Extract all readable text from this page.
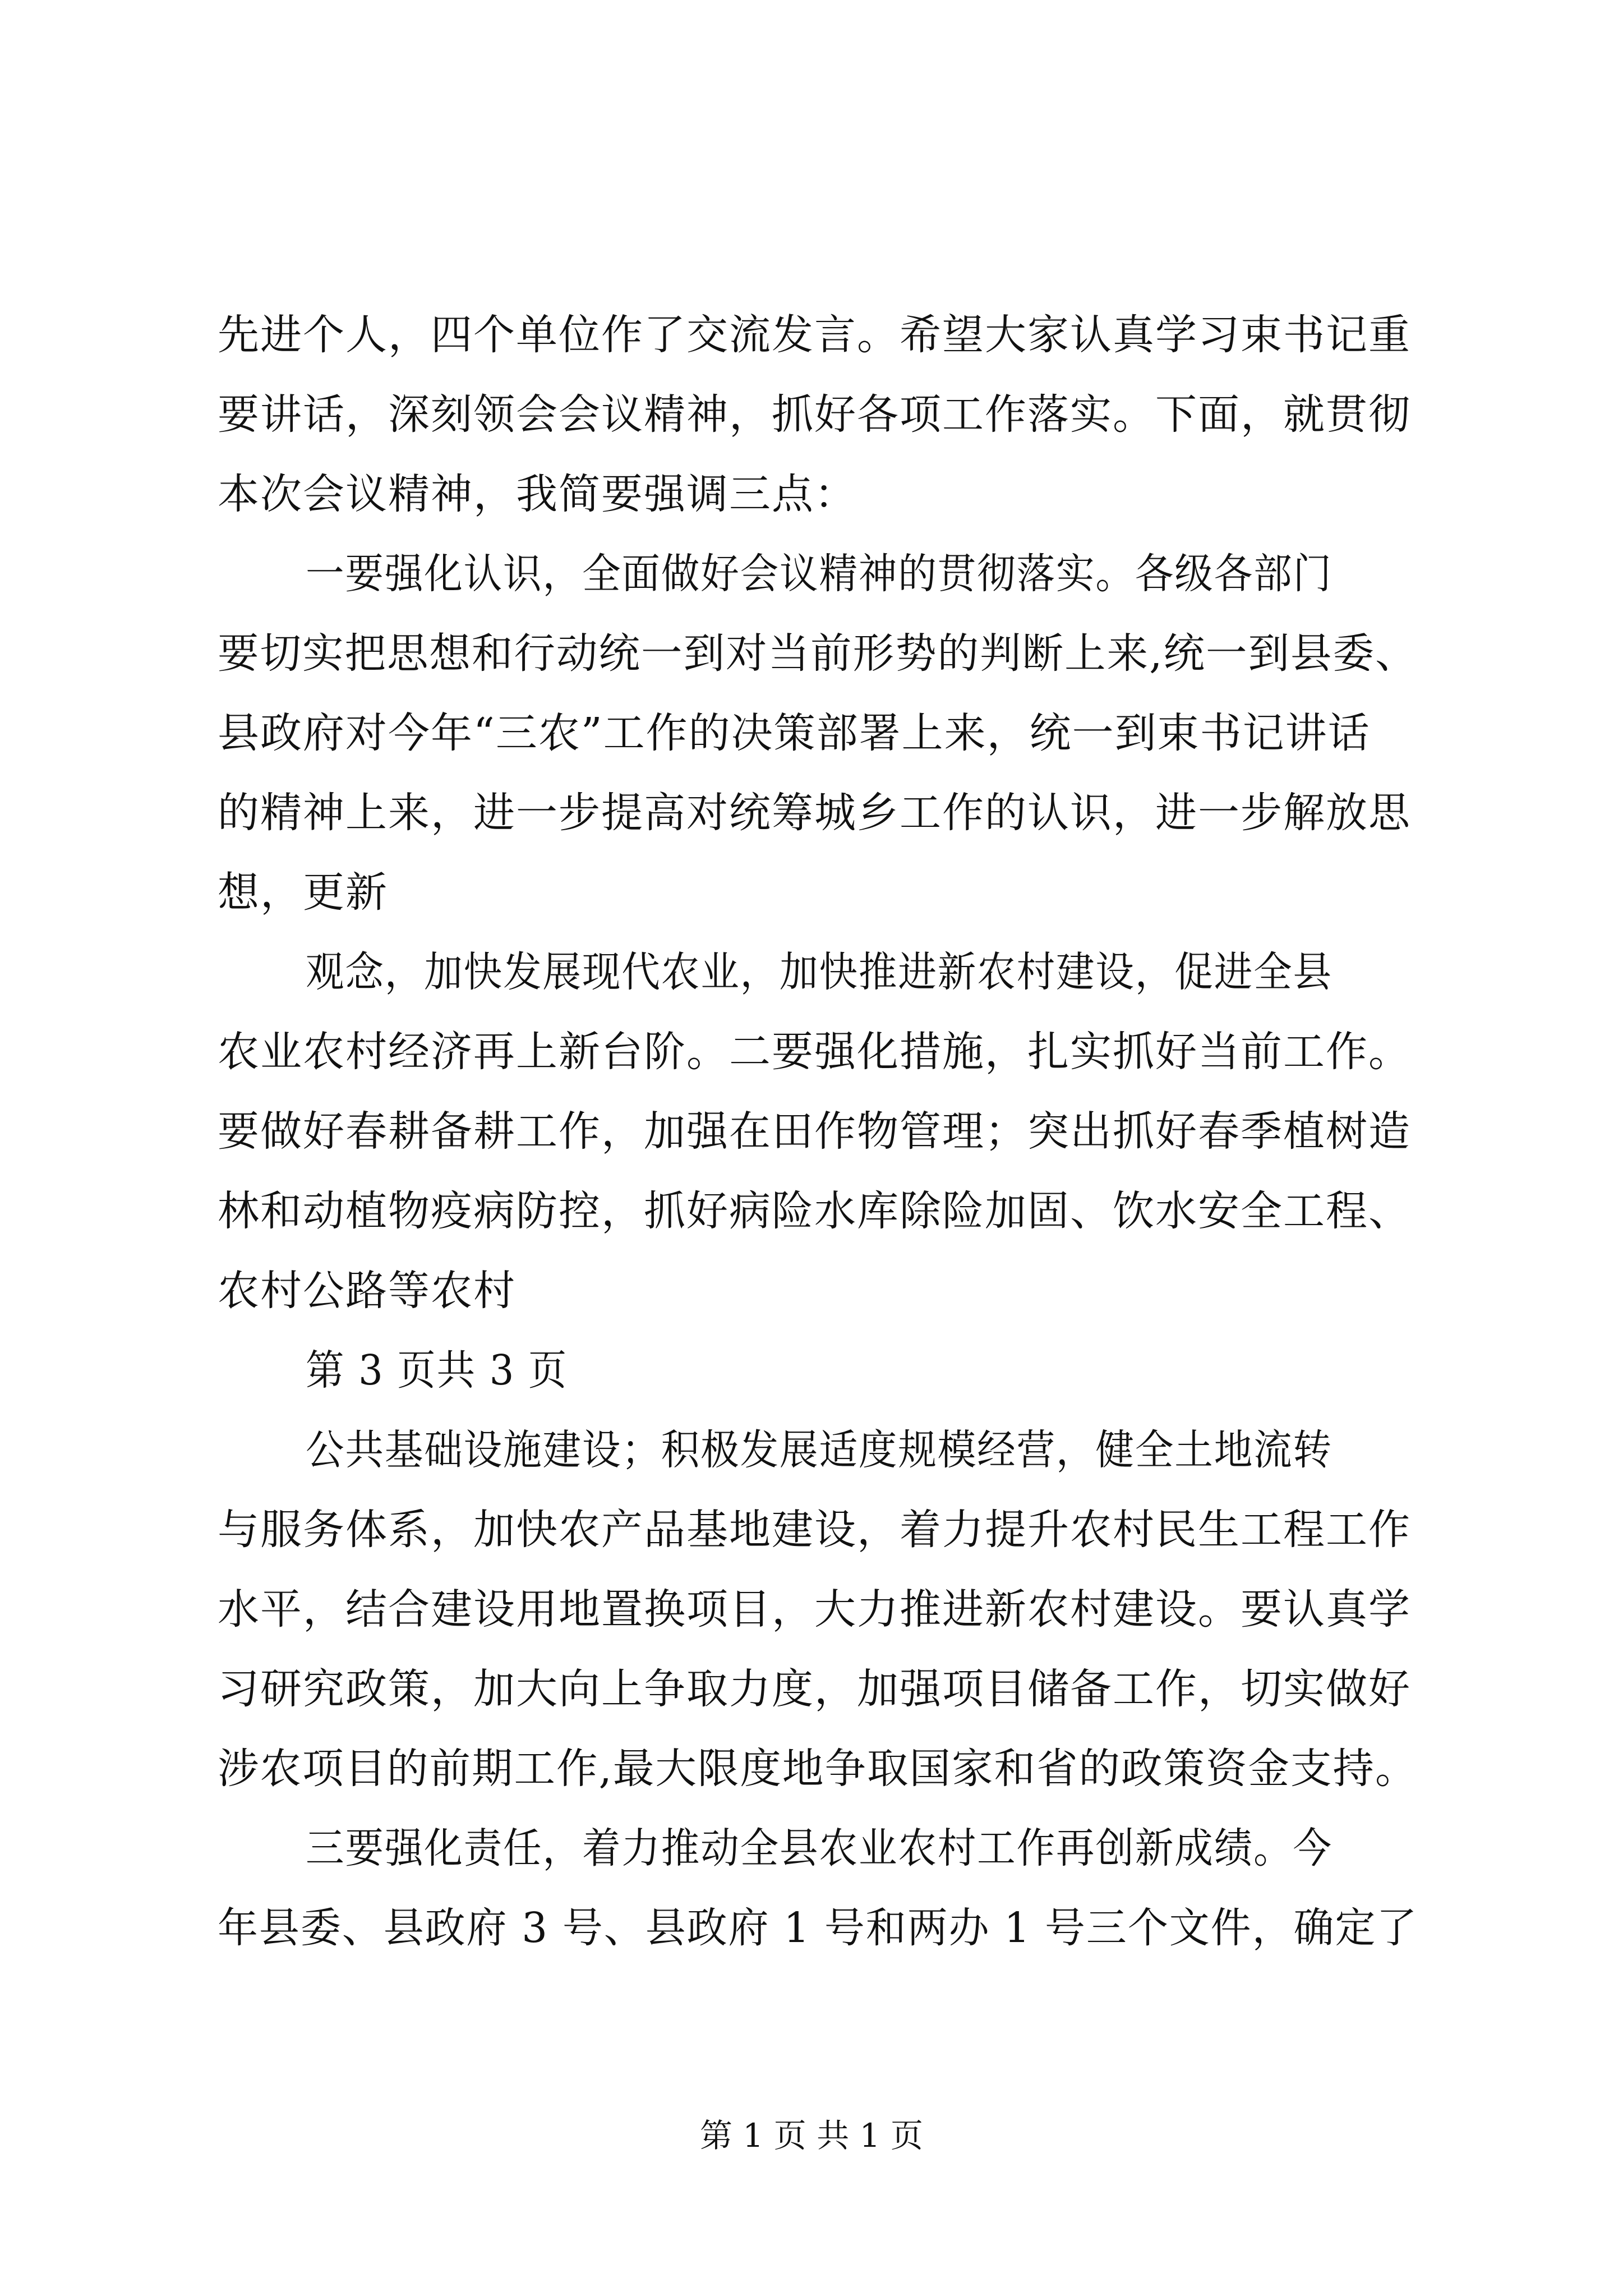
先进个人，四个单位作了交流发言。希望大家认真学习束书记重
要讲话，深刻领会会议精神，抓好各项工作落实。下面，就贯彻
本次会议精神，我简要强调三点：
一要强化认识，全面做好会议精神的贯彻落实。各级各部门
要切实把思想和行动统一到对当前形势的判断上来,统一到县委、
县政府对今年“三农”工作的决策部署上来，统一到束书记讲话
的精神上来，进一步提高对统筹城乡工作的认识，进一步解放思
想，更新
观念，加快发展现代农业，加快推进新农村建设，促进全县
农业农村经济再上新台阶。二要强化措施，扎实抓好当前工作。
要做好春耕备耕工作，加强在田作物管理；突出抓好春季植树造
林和动植物疫病防控，抓好病险水库除险加固、饮水安全工程、
农村公路等农村
第 3 页共 3 页
公共基础设施建设；积极发展适度规模经营，健全土地流转
与服务体系，加快农产品基地建设，着力提升农村民生工程工作
水平，结合建设用地置换项目，大力推进新农村建设。要认真学
习研究政策，加大向上争取力度，加强项目储备工作，切实做好
涉农项目的前期工作,最大限度地争取国家和省的政策资金支持。
三要强化责任，着力推动全县农业农村工作再创新成绩。今
年县委、县政府 3 号、县政府 1 号和两办 1 号三个文件，确定了
第 1 页 共 1 页
